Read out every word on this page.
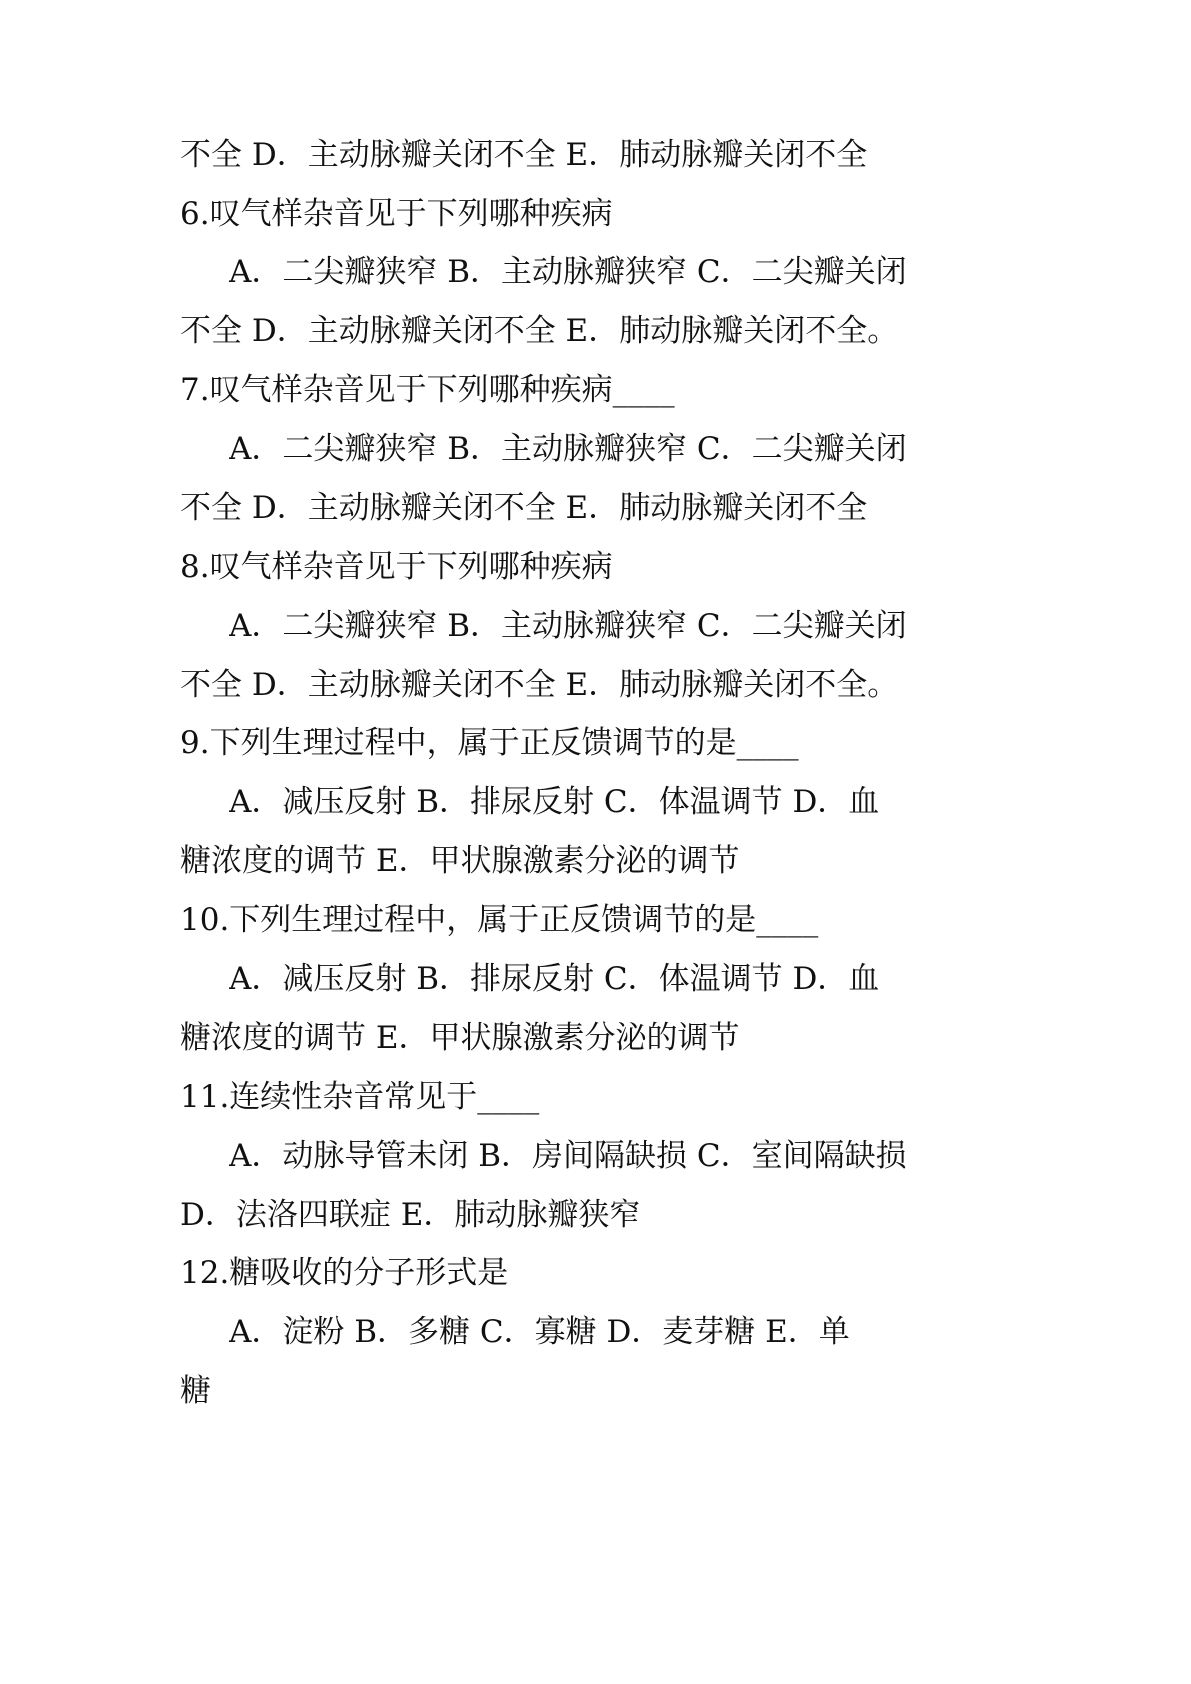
不全 D．主动脉瓣关闭不全 E．肺动脉瓣关闭不全
6.叹气样杂音见于下列哪种疾病
A．二尖瓣狭窄 B．主动脉瓣狭窄 C．二尖瓣关闭
不全 D．主动脉瓣关闭不全 E．肺动脉瓣关闭不全。
7.叹气样杂音见于下列哪种疾病____
A．二尖瓣狭窄 B．主动脉瓣狭窄 C．二尖瓣关闭
不全 D．主动脉瓣关闭不全 E．肺动脉瓣关闭不全
8.叹气样杂音见于下列哪种疾病
A．二尖瓣狭窄 B．主动脉瓣狭窄 C．二尖瓣关闭
不全 D．主动脉瓣关闭不全 E．肺动脉瓣关闭不全。
9.下列生理过程中，属于正反馈调节的是____
A．减压反射 B．排尿反射 C．体温调节 D．血
糖浓度的调节 E．甲状腺激素分泌的调节
10.下列生理过程中，属于正反馈调节的是____
A．减压反射 B．排尿反射 C．体温调节 D．血
糖浓度的调节 E．甲状腺激素分泌的调节
11.连续性杂音常见于____
A．动脉导管未闭 B．房间隔缺损 C．室间隔缺损
D．法洛四联症 E．肺动脉瓣狭窄
12.糖吸收的分子形式是
A．淀粉 B．多糖 C．寡糖 D．麦芽糖 E．单
糖
